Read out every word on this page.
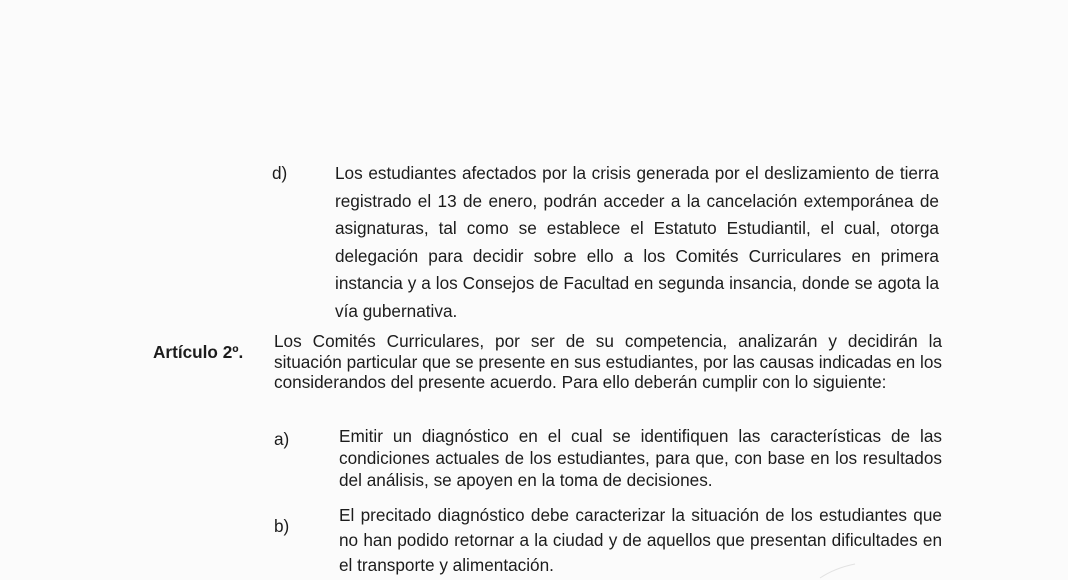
d)	Los estudiantes afectados por la crisis generada por el deslizamiento de tierra registrado el 13 de enero, podrán acceder a la cancelación extemporánea de asignaturas, tal como se establece el Estatuto Estudiantil, el cual, otorga delegación para decidir sobre ello a los Comités Curriculares en primera instancia y a los Consejos de Facultad en segunda insancia, donde se agota la vía gubernativa.
Artículo 2º.
Los Comités Curriculares, por ser de su competencia, analizarán y decidirán la situación particular que se presente en sus estudiantes, por las causas indicadas en los considerandos del presente acuerdo. Para ello deberán cumplir con lo siguiente:
a)	Emitir un diagnóstico en el cual se identifiquen las características de las condiciones actuales de los estudiantes, para que, con base en los resultados del análisis, se apoyen en la toma de decisiones.
b)
El precitado diagnóstico debe caracterizar la situación de los estudiantes que no han podido retornar a la ciudad y de aquellos que presentan dificultades en el transporte y alimentación.
